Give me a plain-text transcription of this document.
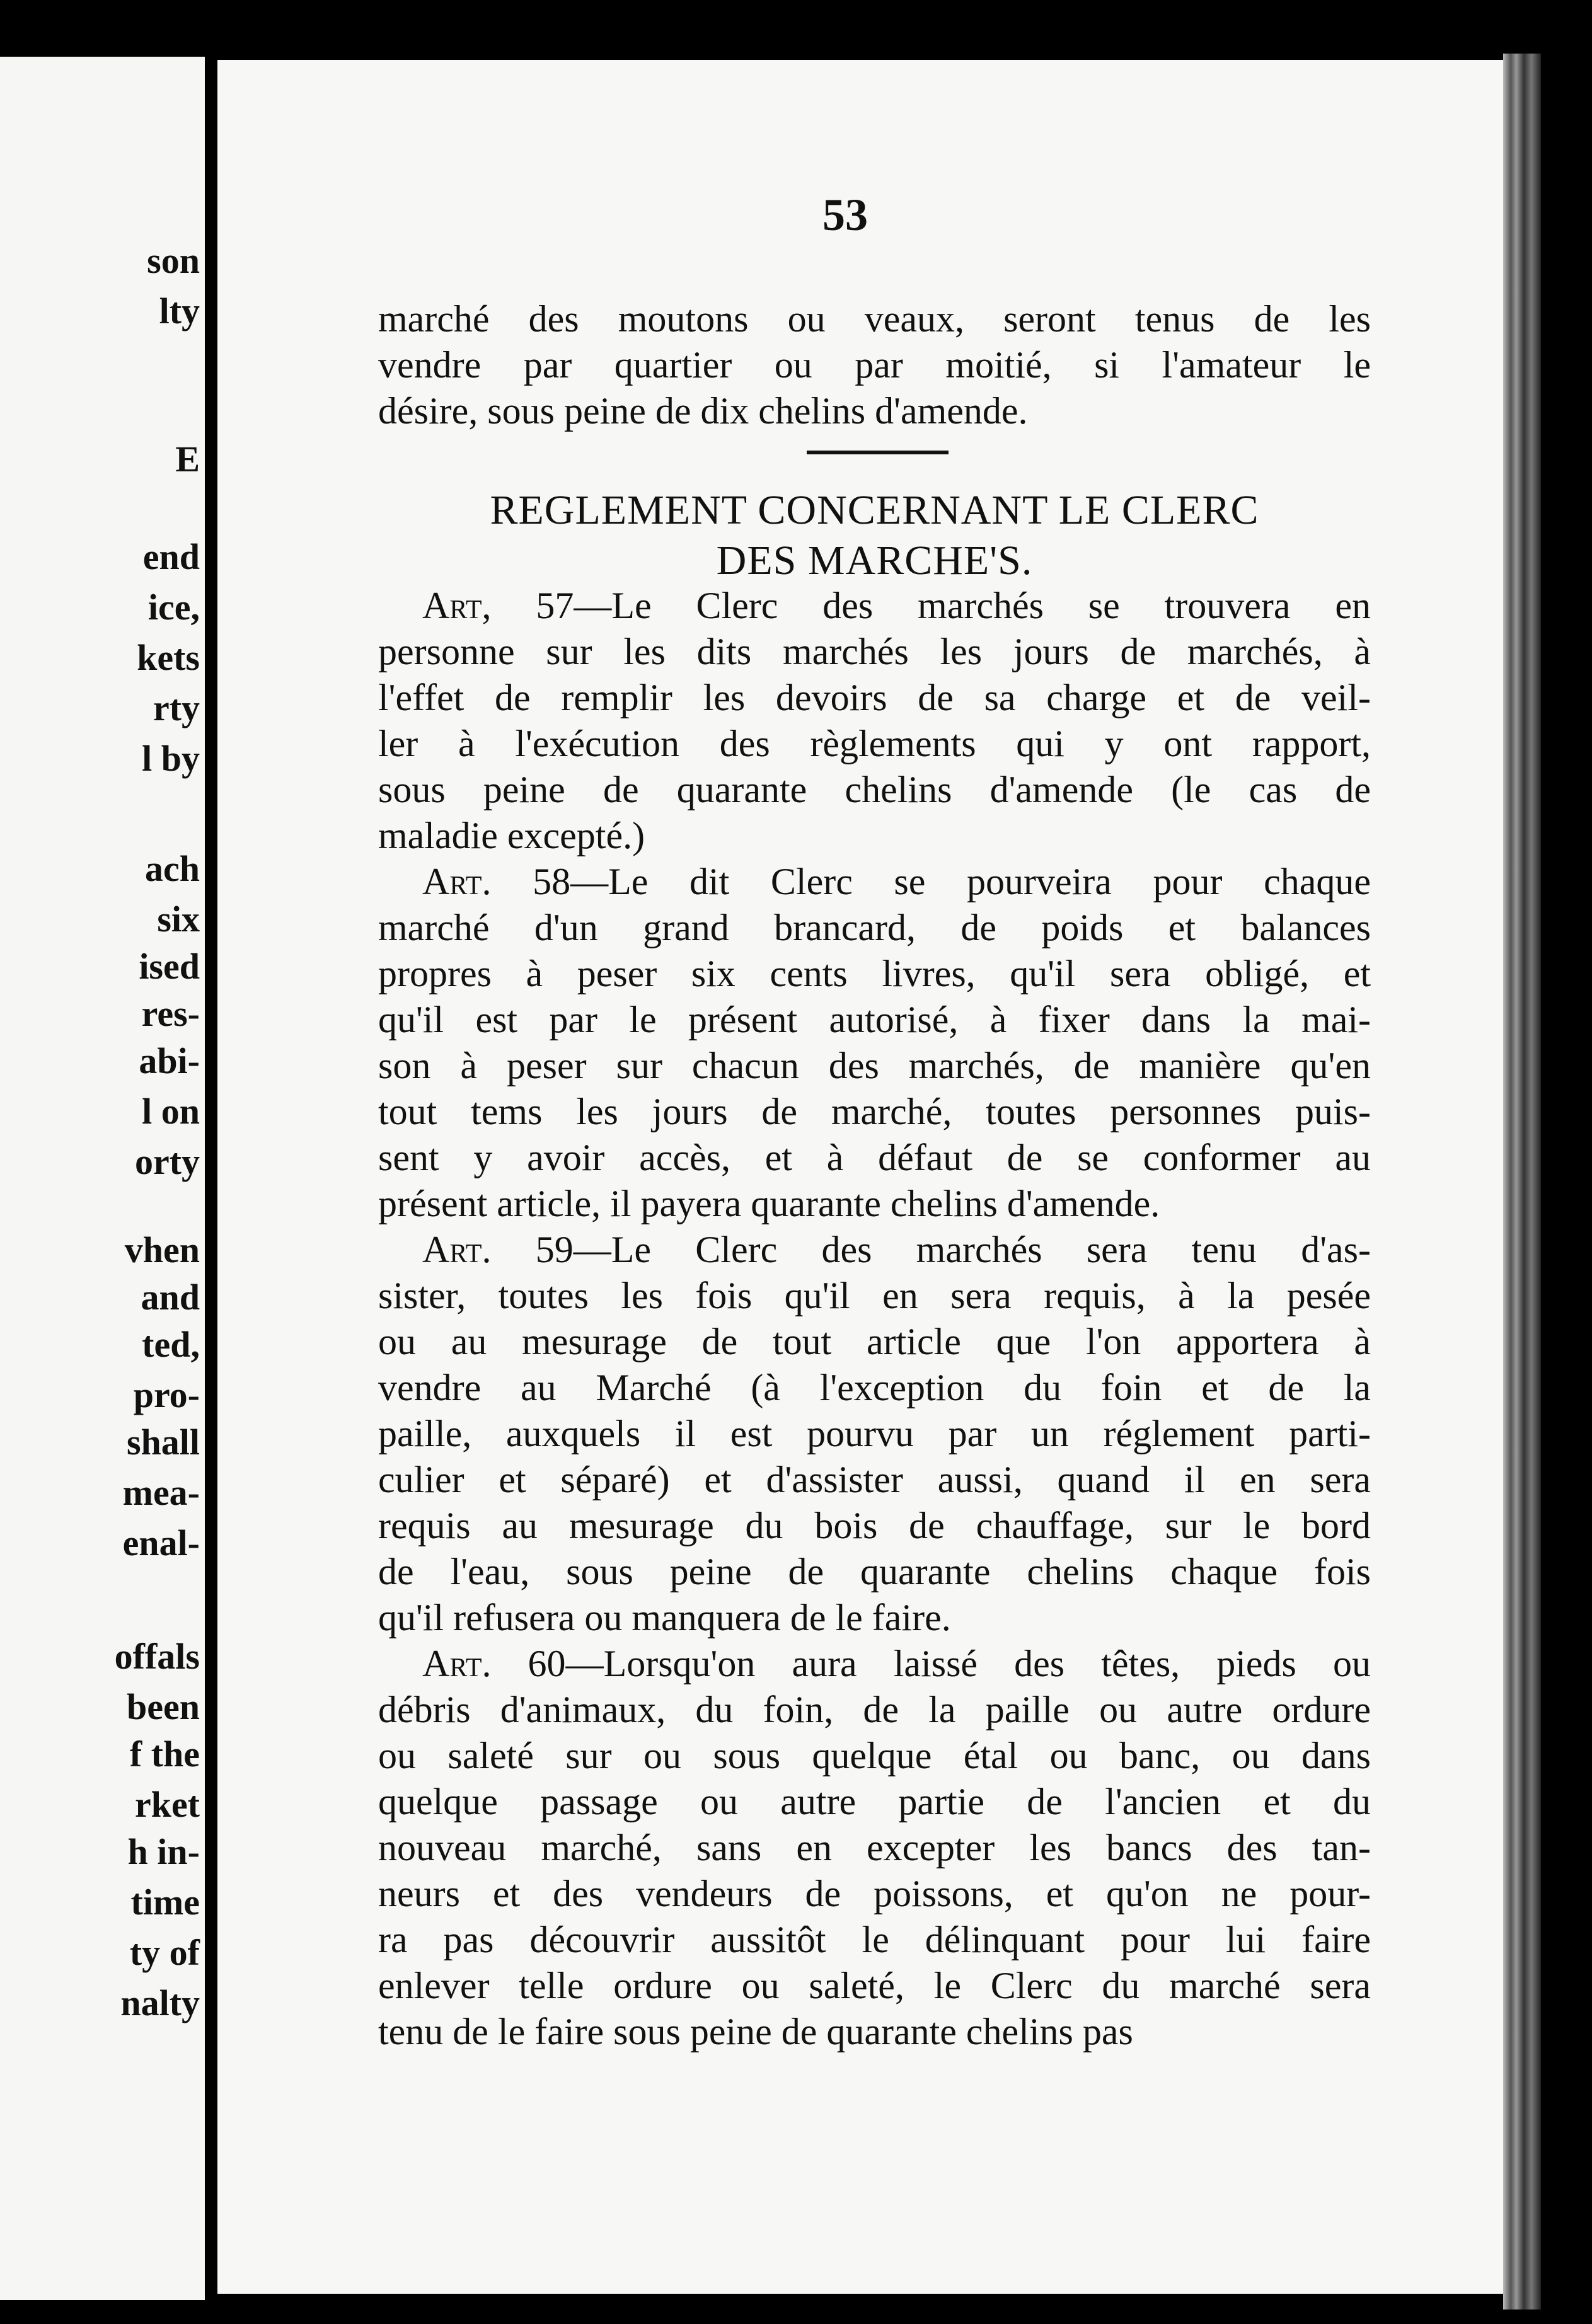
son
lty
E
end
ice,
kets
rty
l by
ach
six
ised
res-
abi-
l on
orty
vhen
and
ted,
pro-
shall
mea-
enal-
offals
been
f the
rket
h in-
time
ty of
nalty
53
marché des moutons ou veaux, seront tenus de les
vendre par quartier ou par moitié, si l'amateur le
désire, sous peine de dix chelins d'amende.
REGLEMENT CONCERNANT LE CLERC
DES MARCHE'S.
Art, 57—Le Clerc des marchés se trouvera en
personne sur les dits marchés les jours de marchés, à
l'effet de remplir les devoirs de sa charge et de veil-
ler à l'exécution des règlements qui y ont rapport,
sous peine de quarante chelins d'amende (le cas de
maladie excepté.)
Art. 58—Le dit Clerc se pourveira pour chaque
marché d'un grand brancard, de poids et balances
propres à peser six cents livres, qu'il sera obligé, et
qu'il est par le présent autorisé, à fixer dans la mai-
son à peser sur chacun des marchés, de manière qu'en
tout tems les jours de marché, toutes personnes puis-
sent y avoir accès, et à défaut de se conformer au
présent article, il payera quarante chelins d'amende.
Art. 59—Le Clerc des marchés sera tenu d'as-
sister, toutes les fois qu'il en sera requis, à la pesée
ou au mesurage de tout article que l'on apportera à
vendre au Marché (à l'exception du foin et de la
paille, auxquels il est pourvu par un réglement parti-
culier et séparé) et d'assister aussi, quand il en sera
requis au mesurage du bois de chauffage, sur le bord
de l'eau, sous peine de quarante chelins chaque fois
qu'il refusera ou manquera de le faire.
Art. 60—Lorsqu'on aura laissé des têtes, pieds ou
débris d'animaux, du foin, de la paille ou autre ordure
ou saleté sur ou sous quelque étal ou banc, ou dans
quelque passage ou autre partie de l'ancien et du
nouveau marché, sans en excepter les bancs des tan-
neurs et des vendeurs de poissons, et qu'on ne pour-
ra pas découvrir aussitôt le délinquant pour lui faire
enlever telle ordure ou saleté, le Clerc du marché sera
tenu de le faire sous peine de quarante chelins pas
